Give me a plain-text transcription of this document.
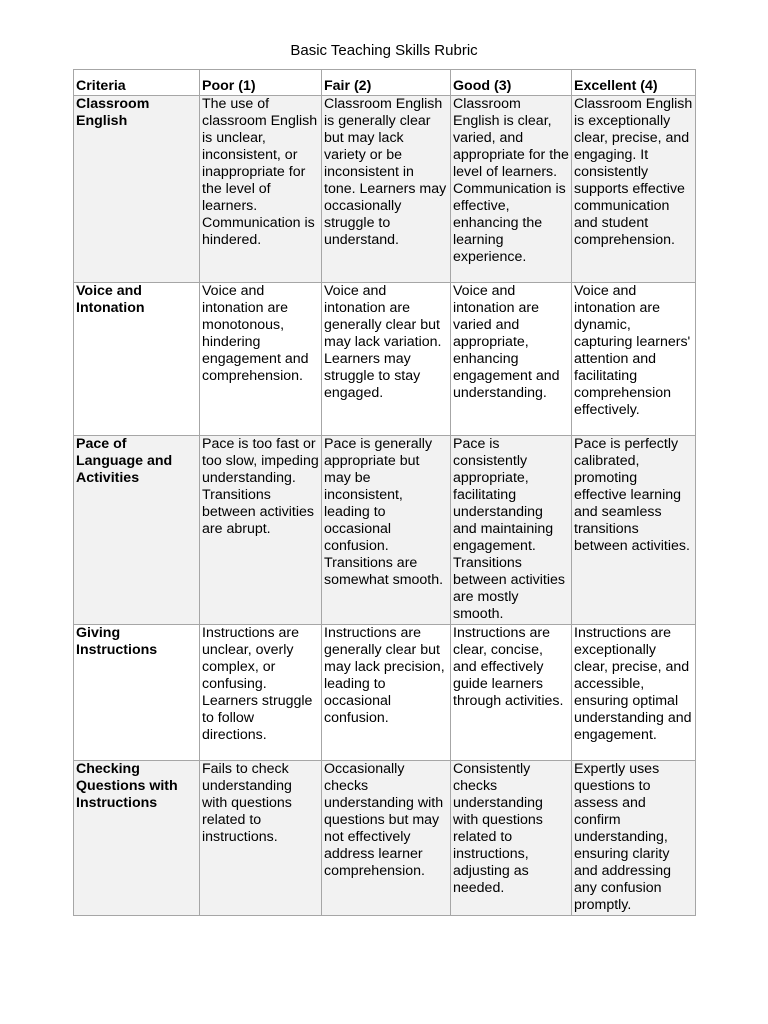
Basic Teaching Skills Rubric
Criteria	Poor (1)	Fair (2)	Good (3)	Excellent (4)
Classroom English	The use of classroom English is unclear, inconsistent, or inappropriate for the level of learners. Communication is hindered.	Classroom English is generally clear but may lack variety or be inconsistent in tone. Learners may occasionally struggle to understand.	Classroom English is clear, varied, and appropriate for the level of learners. Communication is effective, enhancing the learning experience.	Classroom English is exceptionally clear, precise, and engaging. It consistently supports effective communication and student comprehension.
Voice and Intonation	Voice and intonation are monotonous, hindering engagement and comprehension.	Voice and intonation are generally clear but may lack variation. Learners may struggle to stay engaged.	Voice and intonation are varied and appropriate, enhancing engagement and understanding.	Voice and intonation are dynamic, capturing learners' attention and facilitating comprehension effectively.
Pace of Language and Activities	Pace is too fast or too slow, impeding understanding. Transitions between activities are abrupt.	Pace is generally appropriate but may be inconsistent, leading to occasional confusion. Transitions are somewhat smooth.	Pace is consistently appropriate, facilitating understanding and maintaining engagement. Transitions between activities are mostly smooth.	Pace is perfectly calibrated, promoting effective learning and seamless transitions between activities.
Giving Instructions	Instructions are unclear, overly complex, or confusing. Learners struggle to follow directions.	Instructions are generally clear but may lack precision, leading to occasional confusion.	Instructions are clear, concise, and effectively guide learners through activities.	Instructions are exceptionally clear, precise, and accessible, ensuring optimal understanding and engagement.
Checking Questions with Instructions	Fails to check understanding with questions related to instructions.	Occasionally checks understanding with questions but may not effectively address learner comprehension.	Consistently checks understanding with questions related to instructions, adjusting as needed.	Expertly uses questions to assess and confirm understanding, ensuring clarity and addressing any confusion promptly.
